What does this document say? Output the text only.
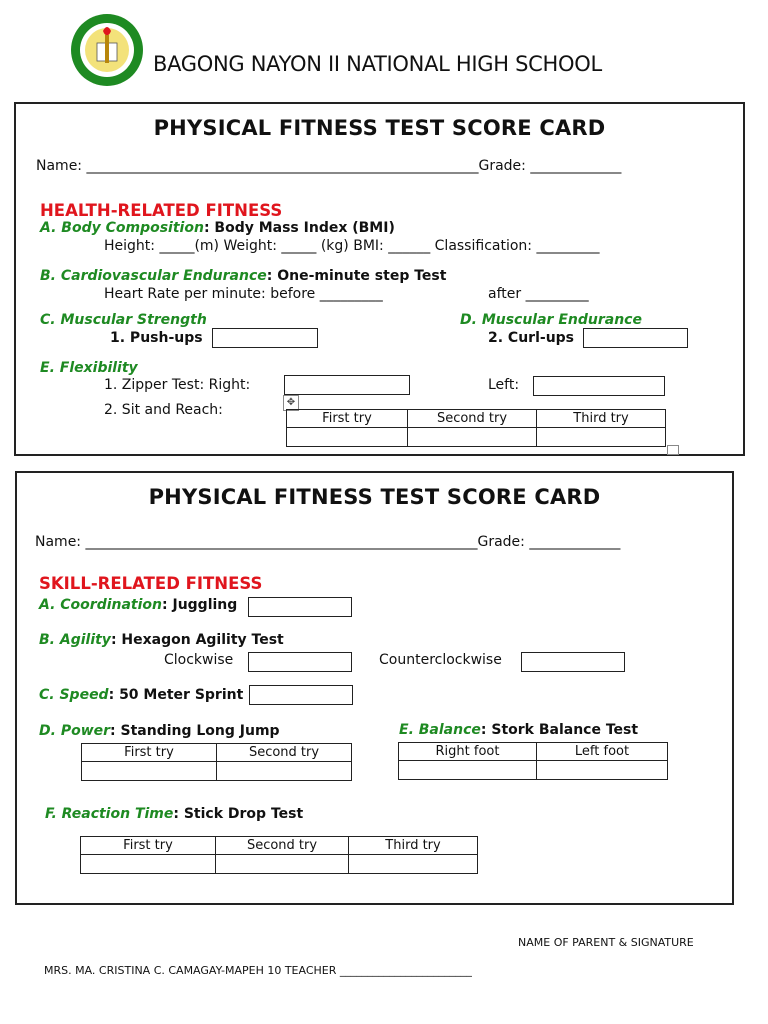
BAGONG NAYON II NATIONAL HIGH SCHOOL
PHYSICAL FITNESS TEST SCORE CARD
Name: ________________________________________________________Grade: _____________
HEALTH-RELATED FITNESS
A. Body Composition: Body Mass Index (BMI)
Height: _____(m) Weight: _____ (kg) BMI: ______ Classification: _________
B. Cardiovascular Endurance: One-minute step Test
Heart Rate per minute: before _________	after _________
C. Muscular Strength
1. Push-ups
D. Muscular Endurance
2. Curl-ups
E. Flexibility
1. Zipper Test: Right:	Left:
2. Sit and Reach:	✥
First try	Second try	Third try

PHYSICAL FITNESS TEST SCORE CARD
Name: ________________________________________________________Grade: _____________
SKILL-RELATED FITNESS
A. Coordination: Juggling
B. Agility: Hexagon Agility Test
Clockwise	Counterclockwise
C. Speed: 50 Meter Sprint
D. Power: Standing Long Jump
First try	Second try

E. Balance: Stork Balance Test
Right foot	Left foot

F. Reaction Time: Stick Drop Test
First try	Second try	Third try

NAME OF PARENT & SIGNATURE
MRS. MA. CRISTINA C. CAMAGAY-MAPEH 10 TEACHER ________________________
